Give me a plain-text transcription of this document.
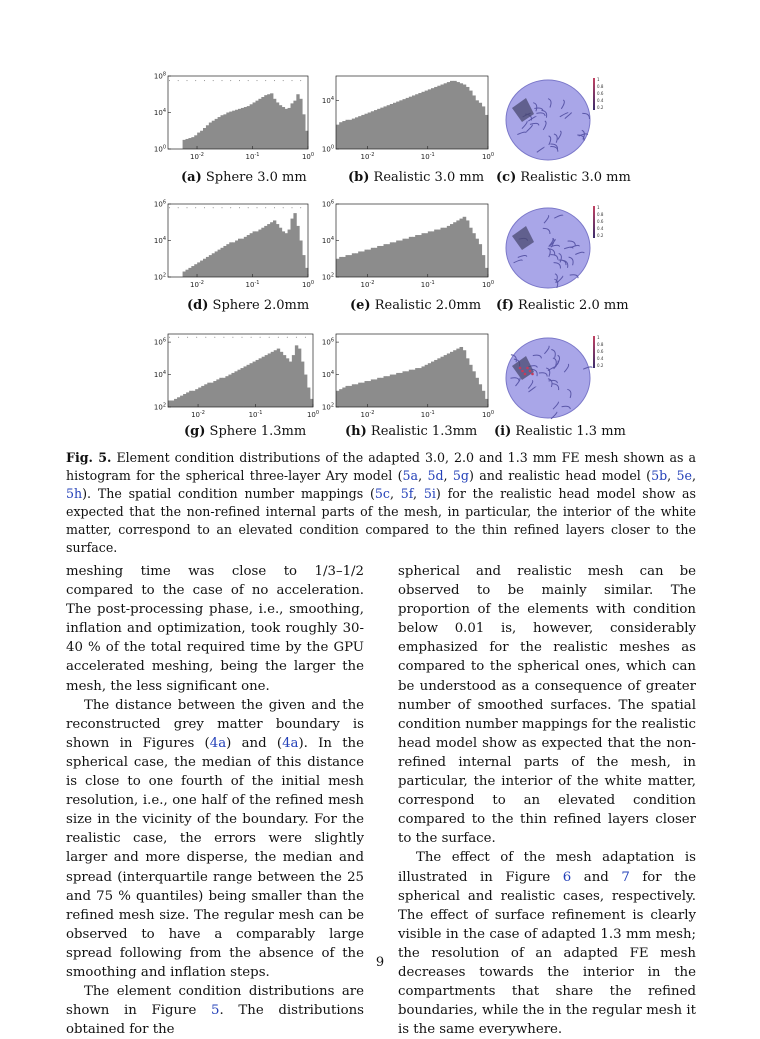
$10^0$
$10^4$
$10^8$
$10^{-2}$	$10^{-1}$	$10^0$
$10^0$
$10^4$
$10^{-2}$	$10^{-1}$	$10^0$
1
0.8
0.6
0.4
0.2
(a) Sphere 3.0 mm	(b) Realistic 3.0 mm (c) Realistic 3.0 mm
$10^2$
$10^4$
$10^6$
$10^{-2}$	$10^{-1}$	$10^0$
$10^2$
$10^4$
$10^6$
$10^{-2}$	$10^{-1}$	$10^0$
1
0.8
0.6
0.4
0.2
(d) Sphere 2.0mm	(e) Realistic 2.0mm (f) Realistic 2.0 mm
$10^2$
$10^4$
$10^6$
$10^{-2}$	$10^{-1}$	$10^0$
$10^2$
$10^4$
$10^6$
$10^{-2}$	$10^{-1}$	$10^0$
1
0.8
0.6
0.4
0.2
(g) Sphere 1.3mm	(h) Realistic 1.3mm (i) Realistic 1.3 mm
Fig. 5. Element condition distributions of the adapted 3.0, 2.0 and 1.3 mm FE mesh shown as a histogram for the spherical three-layer Ary model (5a, 5d, 5g) and realistic head model (5b, 5e, 5h). The spatial condition number mappings (5c, 5f, 5i) for the realistic head model show as expected that the non-refined internal parts of the mesh, in particular, the interior of the white matter, correspond to an elevated condition compared to the thin refined layers closer to the surface.

meshing time was close to 1/3–1/2 compared to the case of no acceleration. The post-processing phase, i.e., smoothing, inflation and optimization, took roughly 30-40 % of the total required time by the GPU accelerated meshing, being the larger the mesh, the less significant one.

The distance between the given and the reconstructed grey matter boundary is shown in Figures (4a) and (4a). In the spherical case, the median of this distance is close to one fourth of the initial mesh resolution, i.e., one half of the refined mesh size in the vicinity of the boundary. For the realistic case, the errors were slightly larger and more disperse, the median and spread (interquartile range between the 25 and 75 % quantiles) being smaller than the refined mesh size. The regular mesh can be observed to have a comparably large spread following from the absence of the smoothing and inflation steps.

The element condition distributions are shown in Figure 5. The distributions obtained for the

spherical and realistic mesh can be observed to be mainly similar. The proportion of the elements with condition below 0.01 is, however, considerably emphasized for the realistic meshes as compared to the spherical ones, which can be understood as a consequence of greater number of smoothed surfaces. The spatial condition number mappings for the realistic head model show as expected that the non-refined internal parts of the mesh, in particular, the interior of the white matter, correspond to an elevated condition compared to the thin refined layers closer to the surface.

The effect of the mesh adaptation is illustrated in Figure 6 and 7 for the spherical and realistic cases, respectively. The effect of surface refinement is clearly visible in the case of adapted 1.3 mm mesh; the resolution of an adapted FE mesh decreases towards the interior in the compartments that share the refined boundaries, while the in the regular mesh it is the same everywhere.

9
